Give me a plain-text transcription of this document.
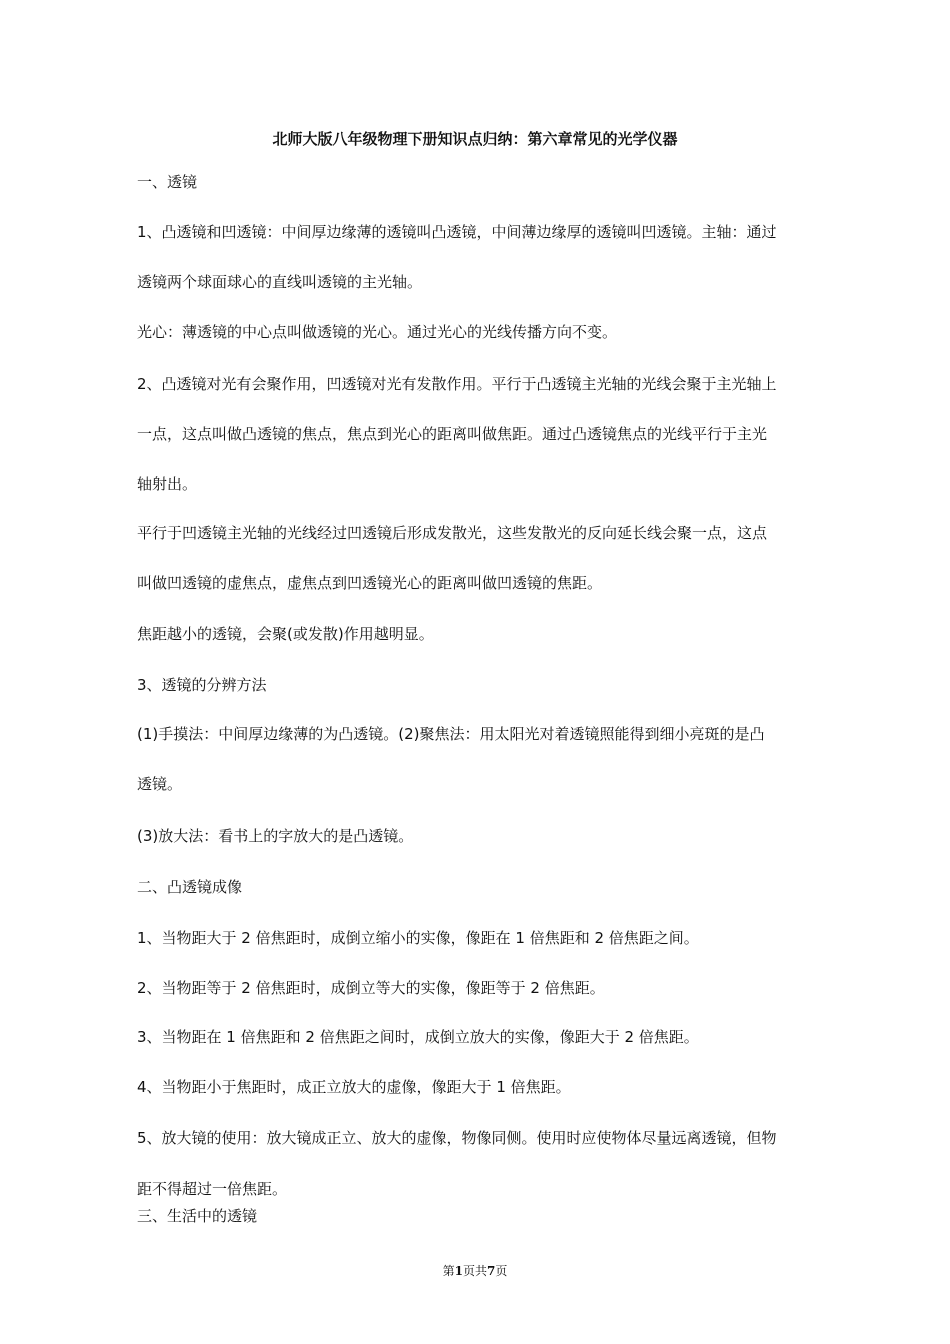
北师大版八年级物理下册知识点归纳：第六章常见的光学仪器
一、透镜
1、凸透镜和凹透镜：中间厚边缘薄的透镜叫凸透镜，中间薄边缘厚的透镜叫凹透镜。主轴：通过
透镜两个球面球心的直线叫透镜的主光轴。
光心：薄透镜的中心点叫做透镜的光心。通过光心的光线传播方向不变。
2、凸透镜对光有会聚作用，凹透镜对光有发散作用。平行于凸透镜主光轴的光线会聚于主光轴上
一点，这点叫做凸透镜的焦点，焦点到光心的距离叫做焦距。通过凸透镜焦点的光线平行于主光
轴射出。
平行于凹透镜主光轴的光线经过凹透镜后形成发散光，这些发散光的反向延长线会聚一点，这点
叫做凹透镜的虚焦点，虚焦点到凹透镜光心的距离叫做凹透镜的焦距。
焦距越小的透镜，会聚(或发散)作用越明显。
3、透镜的分辨方法
(1)手摸法：中间厚边缘薄的为凸透镜。(2)聚焦法：用太阳光对着透镜照能得到细小亮斑的是凸
透镜。
(3)放大法：看书上的字放大的是凸透镜。
二、凸透镜成像
1、当物距大于 2 倍焦距时，成倒立缩小的实像，像距在 1 倍焦距和 2 倍焦距之间。
2、当物距等于 2 倍焦距时，成倒立等大的实像，像距等于 2 倍焦距。
3、当物距在 1 倍焦距和 2 倍焦距之间时，成倒立放大的实像，像距大于 2 倍焦距。
4、当物距小于焦距时，成正立放大的虚像，像距大于 1 倍焦距。
5、放大镜的使用：放大镜成正立、放大的虚像，物像同侧。使用时应使物体尽量远离透镜，但物
距不得超过一倍焦距。
三、生活中的透镜
第1页共7页
